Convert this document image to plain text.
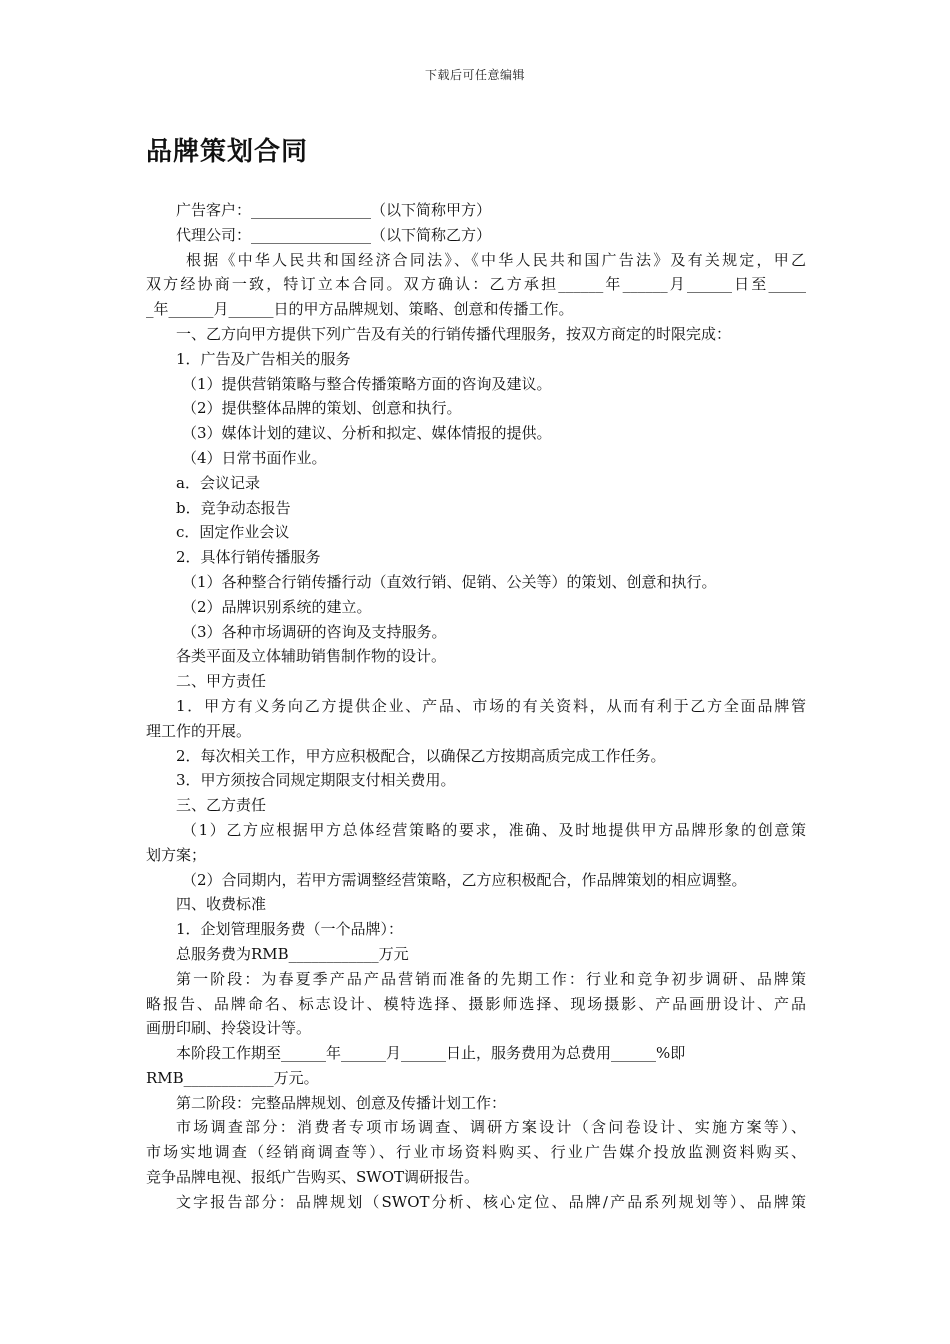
下载后可任意编辑
品牌策划合同
广告客户：________________（以下简称甲方）
代理公司：________________（以下简称乙方）
根据《中华人民共和国经济合同法》、《中华人民共和国广告法》及有关规定，甲乙
双方经协商一致，特订立本合同。双方确认：乙方承担______年______月______日至_____
_年______月______日的甲方品牌规划、策略、创意和传播工作。
一、乙方向甲方提供下列广告及有关的行销传播代理服务，按双方商定的时限完成：
1．广告及广告相关的服务
（1）提供营销策略与整合传播策略方面的咨询及建议。
（2）提供整体品牌的策划、创意和执行。
（3）媒体计划的建议、分析和拟定、媒体情报的提供。
（4）日常书面作业。
a．会议记录
b．竞争动态报告
c．固定作业会议
2．具体行销传播服务
（1）各种整合行销传播行动（直效行销、促销、公关等）的策划、创意和执行。
（2）品牌识别系统的建立。
（3）各种市场调研的咨询及支持服务。
各类平面及立体辅助销售制作物的设计。
二、甲方责任
1．甲方有义务向乙方提供企业、产品、市场的有关资料，从而有利于乙方全面品牌管
理工作的开展。
2．每次相关工作，甲方应积极配合，以确保乙方按期高质完成工作任务。
3．甲方须按合同规定期限支付相关费用。
三、乙方责任
（1）乙方应根据甲方总体经营策略的要求，准确、及时地提供甲方品牌形象的创意策
划方案；
（2）合同期内，若甲方需调整经营策略，乙方应积极配合，作品牌策划的相应调整。
四、收费标准
1．企划管理服务费（一个品牌）：
总服务费为RMB____________万元
第一阶段：为春夏季产品产品营销而准备的先期工作：行业和竞争初步调研、品牌策
略报告、品牌命名、标志设计、模特选择、摄影师选择、现场摄影、产品画册设计、产品
画册印刷、拎袋设计等。
本阶段工作期至______年______月______日止，服务费用为总费用______%即
RMB____________万元。
第二阶段：完整品牌规划、创意及传播计划工作：
市场调查部分：消费者专项市场调查、调研方案设计（含问卷设计、实施方案等）、
市场实地调查（经销商调查等）、行业市场资料购买、行业广告媒介投放监测资料购买、
竞争品牌电视、报纸广告购买、SWOT调研报告。
文字报告部分：品牌规划（SWOT分析、核心定位、品牌/产品系列规划等）、品牌策
